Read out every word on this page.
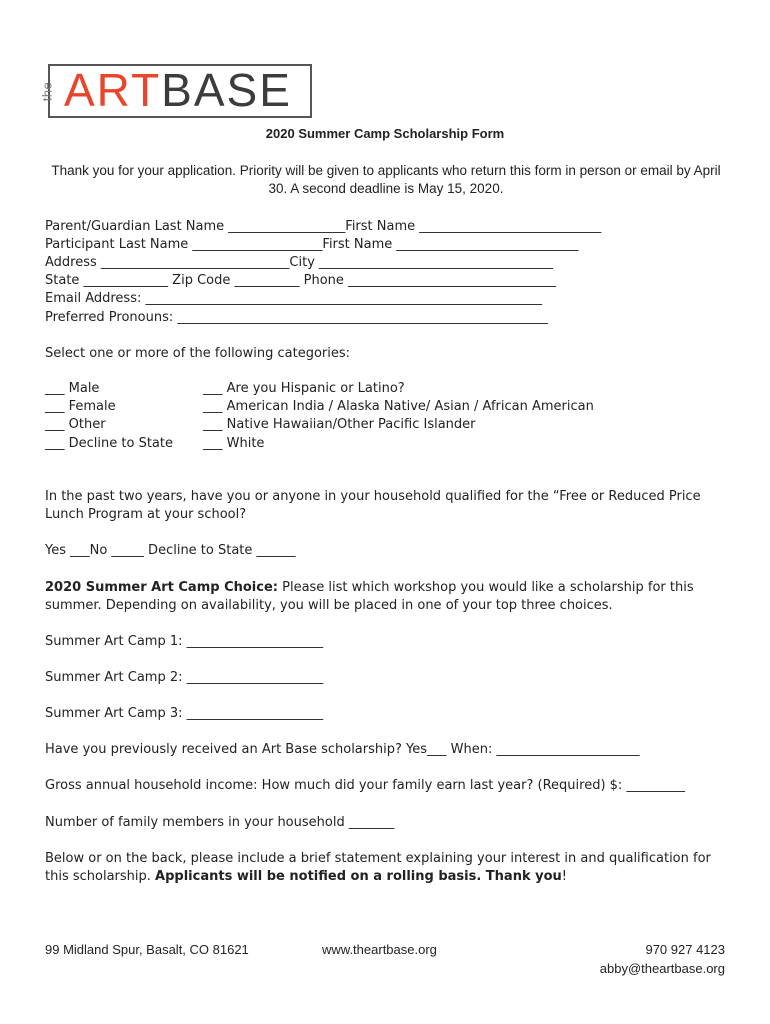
the ARTBASE
2020 Summer Camp Scholarship Form
Thank you for your application. Priority will be given to applicants who return this form in person or email by April 30. A second deadline is May 15, 2020.
Parent/Guardian Last Name __________________First Name ____________________________
Participant Last Name ____________________First Name ____________________________
Address _____________________________City ____________________________________
State _____________ Zip Code __________ Phone ________________________________
Email Address: _____________________________________________________________
Preferred Pronouns: _________________________________________________________
Select one or more of the following categories:
___ Male
___ Female
___ Other
___ Decline to State
___ Are you Hispanic or Latino?
___ American India / Alaska Native/ Asian / African American
___ Native Hawaiian/Other Pacific Islander
___ White
In the past two years, have you or anyone in your household qualified for the “Free or Reduced Price Lunch Program at your school?
Yes ___No _____ Decline to State ______
2020 Summer Art Camp Choice: Please list which workshop you would like a scholarship for this summer. Depending on availability, you will be placed in one of your top three choices.
Summer Art Camp 1: _____________________
Summer Art Camp 2: _____________________
Summer Art Camp 3: _____________________
Have you previously received an Art Base scholarship? Yes___ When: ______________________
Gross annual household income: How much did your family earn last year? (Required) $: _________
Number of family members in your household _______
Below or on the back, please include a brief statement explaining your interest in and qualification for this scholarship. Applicants will be notified on a rolling basis. Thank you!
99 Midland Spur, Basalt, CO 81621	www.theartbase.org	970 927 4123
abby@theartbase.org
